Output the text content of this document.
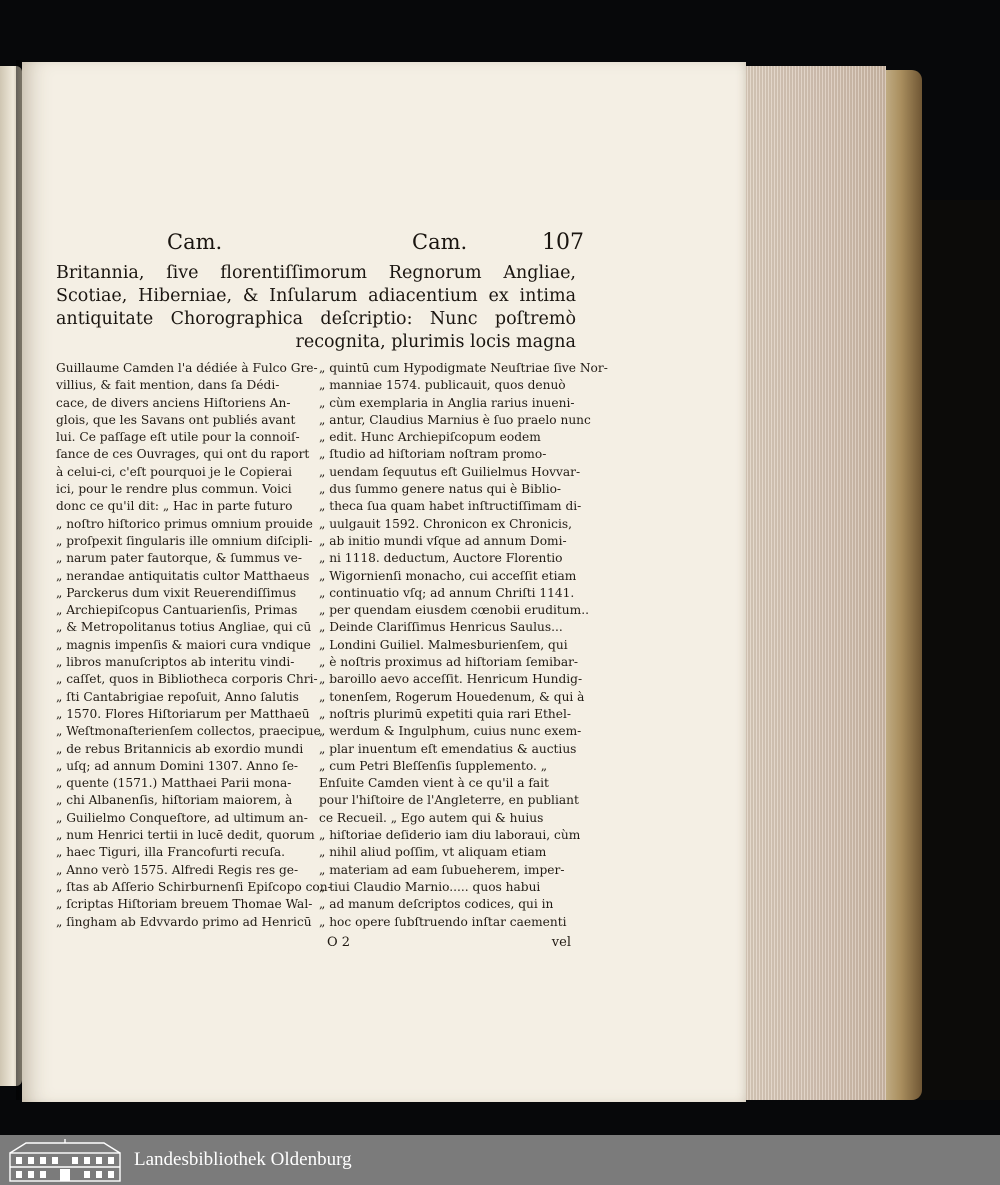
Cam.	Cam.	107
Britannia, ſive florentiſſimorum Regnorum Angliae, Scotiae, Hiberniae, & Inſularum adiacentium ex intima antiquitate Chorographica deſcriptio: Nunc poſtremò recognita, plurimis locis magna
Guillaume Camden l'a dédiée à Fulco Gre-
villius, & fait mention, dans ſa Dédi-
cace, de divers anciens Hiſtoriens An-
glois, que les Savans ont publiés avant
lui. Ce paſſage eſt utile pour la connoiſ-
ſance de ces Ouvrages, qui ont du raport
à celui-ci, c'eſt pourquoi je le Copierai
ici, pour le rendre plus commun. Voici
donc ce qu'il dit: „ Hac in parte futuro
„ noſtro hiſtorico primus omnium prouide
„ proſpexit ſingularis ille omnium diſcipli-
„ narum pater fautorque, & ſummus ve-
„ nerandae antiquitatis cultor Matthaeus
„ Parckerus dum vixit Reuerendiſſimus
„ Archiepiſcopus Cantuarienſis, Primas
„ & Metropolitanus totius Angliae, qui cū
„ magnis impenſis & maiori cura vndique
„ libros manuſcriptos ab interitu vindi-
„ caſſet, quos in Bibliotheca corporis Chri-
„ ſti Cantabrigiae repoſuit, Anno ſalutis
„ 1570. Flores Hiſtoriarum per Matthaeū
„ Weſtmonaſterienſem collectos, praecipue
„ de rebus Britannicis ab exordio mundi
„ uſq; ad annum Domini 1307. Anno ſe-
„ quente (1571.) Matthaei Parii mona-
„ chi Albanenſis, hiſtoriam maiorem, à
„ Guilielmo Conqueſtore, ad ultimum an-
„ num Henrici tertii in lucē dedit, quorum
„ haec Tiguri, illa Francofurti recuſa.
„ Anno verò 1575. Alfredi Regis res ge-
„ ſtas ab Aſſerio Schirburnenſi Epiſcopo con-
„ ſcriptas Hiſtoriam breuem Thomae Wal-
„ ſingham ab Edvvardo primo ad Henricū
„ quintū cum Hypodigmate Neuſtriae ſive Nor-
„ manniae 1574. publicauit, quos denuò
„ cùm exemplaria in Anglia rarius inueni-
„ antur, Claudius Marnius è ſuo praelo nunc
„ edit. Hunc Archiepiſcopum eodem
„ ſtudio ad hiſtoriam noſtram promo-
„ uendam ſequutus eſt Guilielmus Hovvar-
„ dus ſummo genere natus qui è Biblio-
„ theca ſua quam habet inſtructiſſimam di-
„ uulgauit 1592. Chronicon ex Chronicis,
„ ab initio mundi vſque ad annum Domi-
„ ni 1118. deductum, Auctore Florentio
„ Wigornienſi monacho, cui acceſſit etiam
„ continuatio vſq; ad annum Chriſti 1141.
„ per quendam eiusdem cœnobii eruditum..
„ Deinde Clariſſimus Henricus Saulus...
„ Londini Guiliel. Malmesburienſem, qui
„ è noſtris proximus ad hiſtoriam ſemibar-
„ baroillo aevo acceſſit. Henricum Hundig-
„ tonenſem, Rogerum Houedenum, & qui à
„ noſtris plurimū expetiti quia rari Ethel-
„ werdum & Ingulphum, cuius nunc exem-
„ plar inuentum eſt emendatius & auctius
„ cum Petri Bleſſenſis ſupplemento. „
Enſuite Camden vient à ce qu'il a fait
pour l'hiſtoire de l'Angleterre, en publiant
ce Recueil. „ Ego autem qui & huius
„ hiſtoriae deſiderio iam diu laboraui, cùm
„ nihil aliud poſſim, vt aliquam etiam
„ materiam ad eam ſubueherem, imper-
„ tiui Claudio Marnio..... quos habui
„ ad manum deſcriptos codices, qui in
„ hoc opere ſubſtruendo inſtar caementi
O 2	vel
Landesbibliothek Oldenburg
